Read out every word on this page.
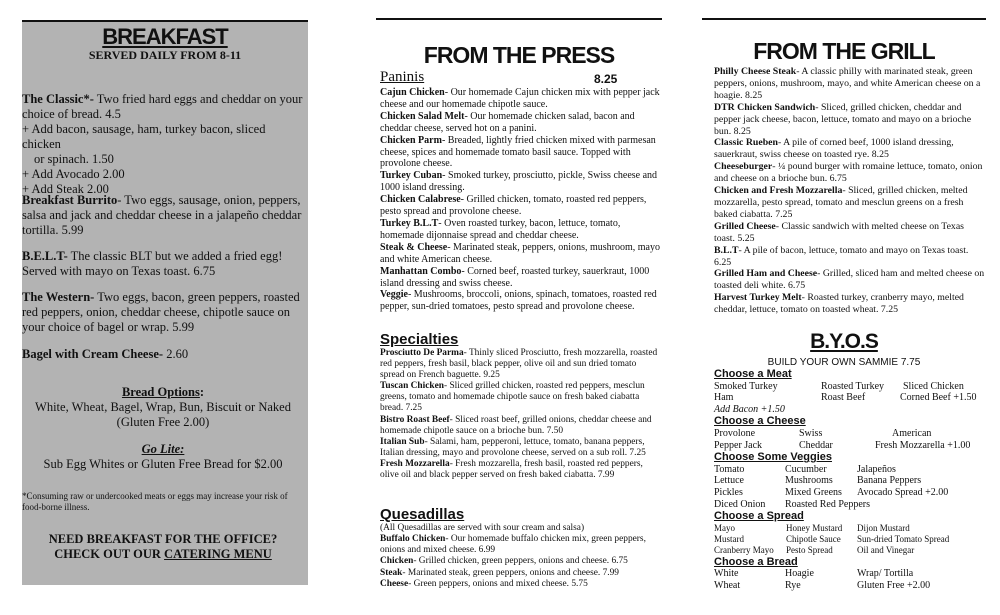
BREAKFAST
SERVED DAILY FROM 8-11

The Classic*- Two fried hard eggs and cheddar on your choice of bread. 4.5

+ Add bacon, sausage, ham, turkey bacon, sliced chicken

or spinach. 1.50

+ Add Avocado 2.00

+ Add Steak 2.00

Breakfast Burrito- Two eggs, sausage, onion, peppers, salsa and jack and cheddar cheese in a jalapeño cheddar tortilla. 5.99

B.E.L.T- The classic BLT but we added a fried egg! Served with mayo on Texas toast. 6.75

The Western- Two eggs, bacon, green peppers, roasted red peppers, onion, cheddar cheese, chipotle sauce on your choice of bagel or wrap. 5.99

Bagel with Cream Cheese- 2.60

Bread Options:

White, Wheat, Bagel, Wrap, Bun, Biscuit or Naked

(Gluten Free 2.00)

Go Lite:

Sub Egg Whites or Gluten Free Bread for $2.00

*Consuming raw or undercooked meats or eggs may increase your risk of food-borne illness.

NEED BREAKFAST FOR THE OFFICE?

CHECK OUT OUR CATERING MENU

FROM THE PRESS
Paninis	8.25
Cajun Chicken- Our homemade Cajun chicken mix with pepper jack cheese and our homemade chipotle sauce.
Chicken Salad Melt- Our homemade chicken salad, bacon and cheddar cheese, served hot on a panini.
Chicken Parm- Breaded, lightly fried chicken mixed with parmesan cheese, spices and homemade tomato basil sauce. Topped with provolone cheese.
Turkey Cuban- Smoked turkey, prosciutto, pickle, Swiss cheese and 1000 island dressing.
Chicken Calabrese- Grilled chicken, tomato, roasted red peppers, pesto spread and provolone cheese.
Turkey B.L.T- Oven roasted turkey, bacon, lettuce, tomato, homemade dijonnaise spread and cheddar cheese.
Steak & Cheese- Marinated steak, peppers, onions, mushroom, mayo and white American cheese.
Manhattan Combo- Corned beef, roasted turkey, sauerkraut, 1000 island dressing and swiss cheese.
Veggie- Mushrooms, broccoli, onions, spinach, tomatoes, roasted red pepper, sun-dried tomatoes, pesto spread and provolone cheese.
Specialties
Prosciutto De Parma- Thinly sliced Prosciutto, fresh mozzarella, roasted red peppers, fresh basil, black pepper, olive oil and sun dried tomato spread on French baguette. 9.25
Tuscan Chicken- Sliced grilled chicken, roasted red peppers, mesclun greens, tomato and homemade chipotle sauce on fresh baked ciabatta bread. 7.25
Bistro Roast Beef- Sliced roast beef, grilled onions, cheddar cheese and homemade chipotle sauce on a brioche bun. 7.50
Italian Sub- Salami, ham, pepperoni, lettuce, tomato, banana peppers, Italian dressing, mayo and provolone cheese, served on a sub roll. 7.25
Fresh Mozzarella- Fresh mozzarella, fresh basil, roasted red peppers, olive oil and black pepper served on fresh baked ciabatta. 7.99
Quesadillas
(All Quesadillas are served with sour cream and salsa)
Buffalo Chicken- Our homemade buffalo chicken mix, green peppers, onions and mixed cheese. 6.99
Chicken- Grilled chicken, green peppers, onions and cheese. 6.75
Steak- Marinated steak, green peppers, onions and cheese. 7.99
Cheese- Green peppers, onions and mixed cheese. 5.75
FROM THE GRILL
Philly Cheese Steak- A classic philly with marinated steak, green peppers, onions, mushroom, mayo, and white American cheese on a hoagie. 8.25
DTR Chicken Sandwich- Sliced, grilled chicken, cheddar and pepper jack cheese, bacon, lettuce, tomato and mayo on a brioche bun. 8.25
Classic Rueben- A pile of corned beef, 1000 island dressing, sauerkraut, swiss cheese on toasted rye. 8.25
Cheeseburger- ¼ pound burger with romaine lettuce, tomato, onion and cheese on a brioche bun. 6.75
Chicken and Fresh Mozzarella- Sliced, grilled chicken, melted mozzarella, pesto spread, tomato and mesclun greens on a fresh baked ciabatta. 7.25
Grilled Cheese- Classic sandwich with melted cheese on Texas toast. 5.25
B.L.T- A pile of bacon, lettuce, tomato and mayo on Texas toast. 6.25
Grilled Ham and Cheese- Grilled, sliced ham and melted cheese on toasted deli white. 6.75
Harvest Turkey Melt- Roasted turkey, cranberry mayo, melted cheddar, lettuce, tomato on toasted wheat. 7.25
B.Y.O.S
BUILD YOUR OWN SAMMIE 7.75
Choose a Meat
Smoked Turkey	Roasted Turkey	Sliced Chicken
Ham	Roast Beef	Corned Beef +1.50
Add Bacon +1.50
Choose a Cheese
Provolone	Swiss	American
Pepper Jack	Cheddar	Fresh Mozzarella +1.00
Choose Some Veggies
Tomato	Cucumber	Jalapeños
Lettuce	Mushrooms	Banana Peppers
Pickles	Mixed Greens	Avocado Spread +2.00
Diced Onion	Roasted Red Peppers
Choose a Spread
Mayo	Honey Mustard	Dijon Mustard
Mustard	Chipotle Sauce	Sun-dried Tomato Spread
Cranberry Mayo	Pesto Spread	Oil and Vinegar
Choose a Bread
White	Hoagie	Wrap/ Tortilla
Wheat	Rye	Gluten Free +2.00
